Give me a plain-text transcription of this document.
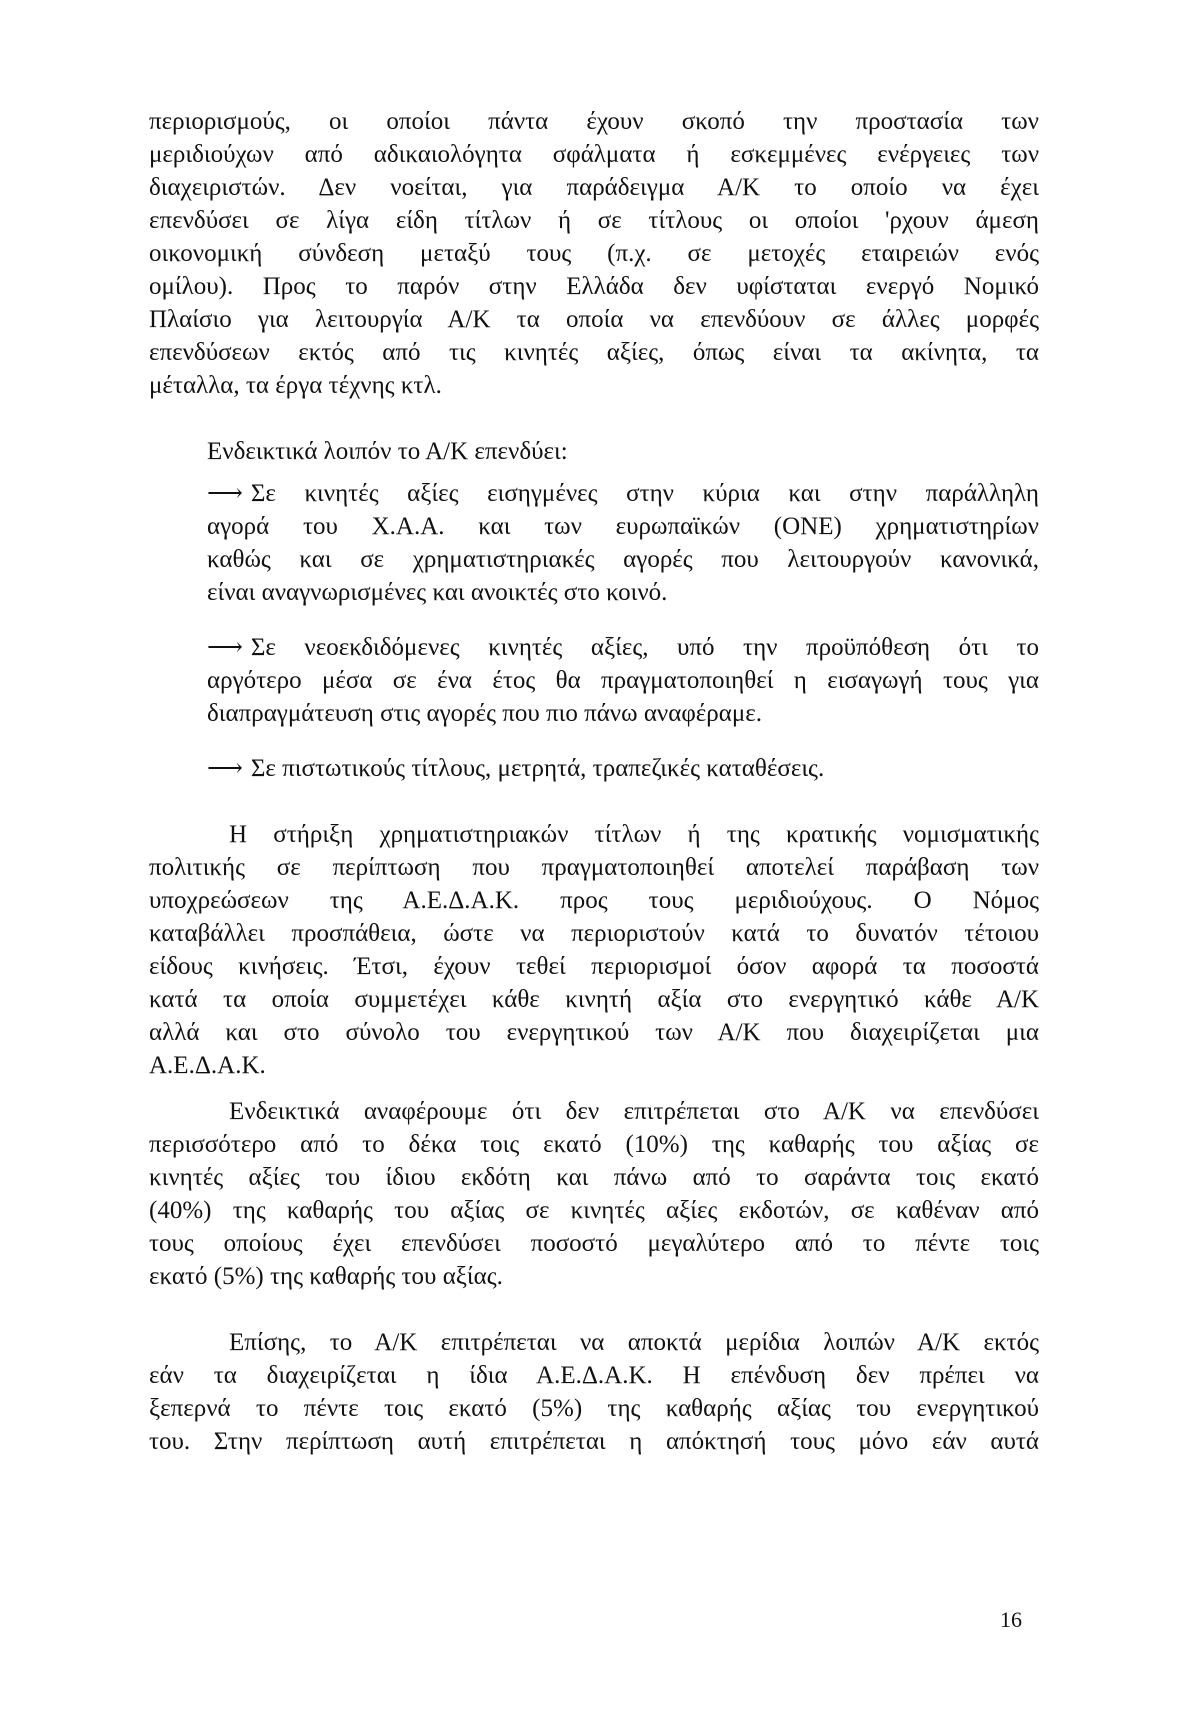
περιορισμούς, οι οποίοι πάντα έχουν σκοπό την προστασία των

μεριδιούχων από αδικαιολόγητα σφάλματα ή εσκεμμένες ενέργειες των

διαχειριστών. Δεν νοείται, για παράδειγμα Α/Κ το οποίο να έχει

επενδύσει σε λίγα είδη τίτλων ή σε τίτλους οι οποίοι 'ρχουν άμεση

οικονομική σύνδεση μεταξύ τους (π.χ. σε μετοχές εταιρειών ενός

ομίλου). Προς το παρόν στην Ελλάδα δεν υφίσταται ενεργό Νομικό

Πλαίσιο για λειτουργία Α/Κ τα οποία να επενδύουν σε άλλες μορφές

επενδύσεων εκτός από τις κινητές αξίες, όπως είναι τα ακίνητα, τα

μέταλλα, τα έργα τέχνης κτλ.

Ενδεικτικά λοιπόν το Α/Κ επενδύει:

⟶ Σε κινητές αξίες εισηγμένες στην κύρια και στην παράλληλη

αγορά του Χ.Α.Α. και των ευρωπαϊκών (ΟΝΕ) χρηματιστηρίων

καθώς και σε χρηματιστηριακές αγορές που λειτουργούν κανονικά,

είναι αναγνωρισμένες και ανοικτές στο κοινό.

⟶ Σε νεοεκδιδόμενες κινητές αξίες, υπό την προϋπόθεση ότι το

αργότερο μέσα σε ένα έτος θα πραγματοποιηθεί η εισαγωγή τους για

διαπραγμάτευση στις αγορές που πιο πάνω αναφέραμε.

⟶ Σε πιστωτικούς τίτλους, μετρητά, τραπεζικές καταθέσεις.

Η στήριξη χρηματιστηριακών τίτλων ή της κρατικής νομισματικής

πολιτικής σε περίπτωση που πραγματοποιηθεί αποτελεί παράβαση των

υποχρεώσεων της Α.Ε.Δ.Α.Κ. προς τους μεριδιούχους. Ο Νόμος

καταβάλλει προσπάθεια, ώστε να περιοριστούν κατά το δυνατόν τέτοιου

είδους κινήσεις. Έτσι, έχουν τεθεί περιορισμοί όσον αφορά τα ποσοστά

κατά τα οποία συμμετέχει κάθε κινητή αξία στο ενεργητικό κάθε Α/Κ

αλλά και στο σύνολο του ενεργητικού των Α/Κ που διαχειρίζεται μια

Α.Ε.Δ.Α.Κ.

Ενδεικτικά αναφέρουμε ότι δεν επιτρέπεται στο Α/Κ να επενδύσει

περισσότερο από το δέκα τοις εκατό (10%) της καθαρής του αξίας σε

κινητές αξίες του ίδιου εκδότη και πάνω από το σαράντα τοις εκατό

(40%) της καθαρής του αξίας σε κινητές αξίες εκδοτών, σε καθέναν από

τους οποίους έχει επενδύσει ποσοστό μεγαλύτερο από το πέντε τοις

εκατό (5%) της καθαρής του αξίας.

Επίσης, το Α/Κ επιτρέπεται να αποκτά μερίδια λοιπών Α/Κ εκτός

εάν τα διαχειρίζεται η ίδια Α.Ε.Δ.Α.Κ. Η επένδυση δεν πρέπει να

ξεπερνά το πέντε τοις εκατό (5%) της καθαρής αξίας του ενεργητικού

του. Στην περίπτωση αυτή επιτρέπεται η απόκτησή τους μόνο εάν αυτά

16
